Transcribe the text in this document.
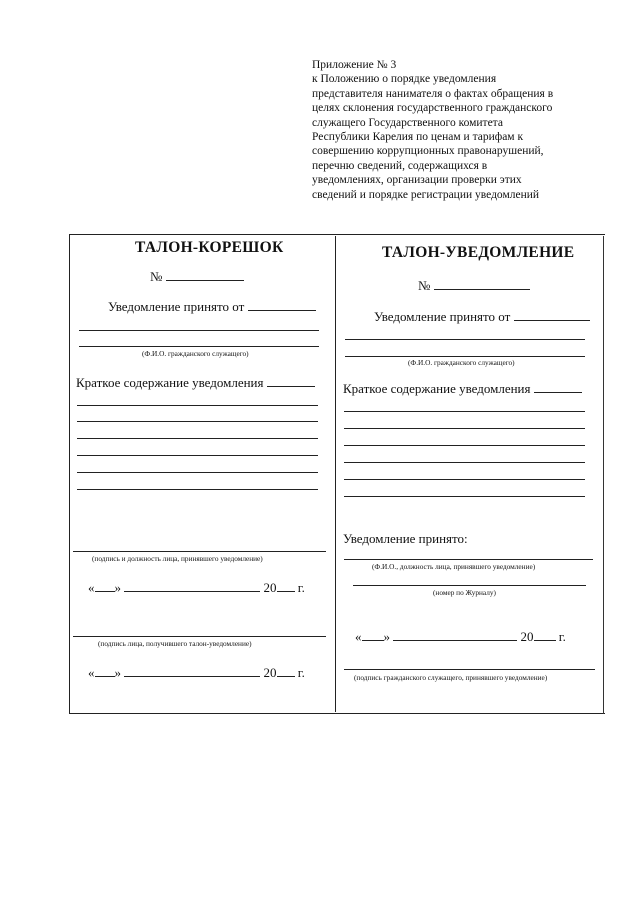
Приложение № 3
к Положению о порядке уведомления
представителя нанимателя о фактах обращения в
целях склонения государственного гражданского
служащего Государственного комитета
Республики Карелия по ценам и тарифам к
совершению коррупционных правонарушений,
перечню сведений, содержащихся в
уведомлениях, организации проверки этих
сведений и порядке регистрации уведомлений
ТАЛОН-КОРЕШОК
№
Уведомление принято от
(Ф.И.О. гражданского служащего)
Краткое содержание уведомления
(подпись и должность лица, принявшего уведомление)
« »	20 г.
(подпись лица, получившего талон-уведомление)
« »	20 г.
ТАЛОН-УВЕДОМЛЕНИЕ
№
Уведомление принято от
(Ф.И.О. гражданского служащего)
Краткое содержание уведомления
Уведомление принято:
(Ф.И.О., должность лица, принявшего уведомление)
(номер по Журналу)
« »	20 г.
(подпись гражданского служащего, принявшего уведомление)
